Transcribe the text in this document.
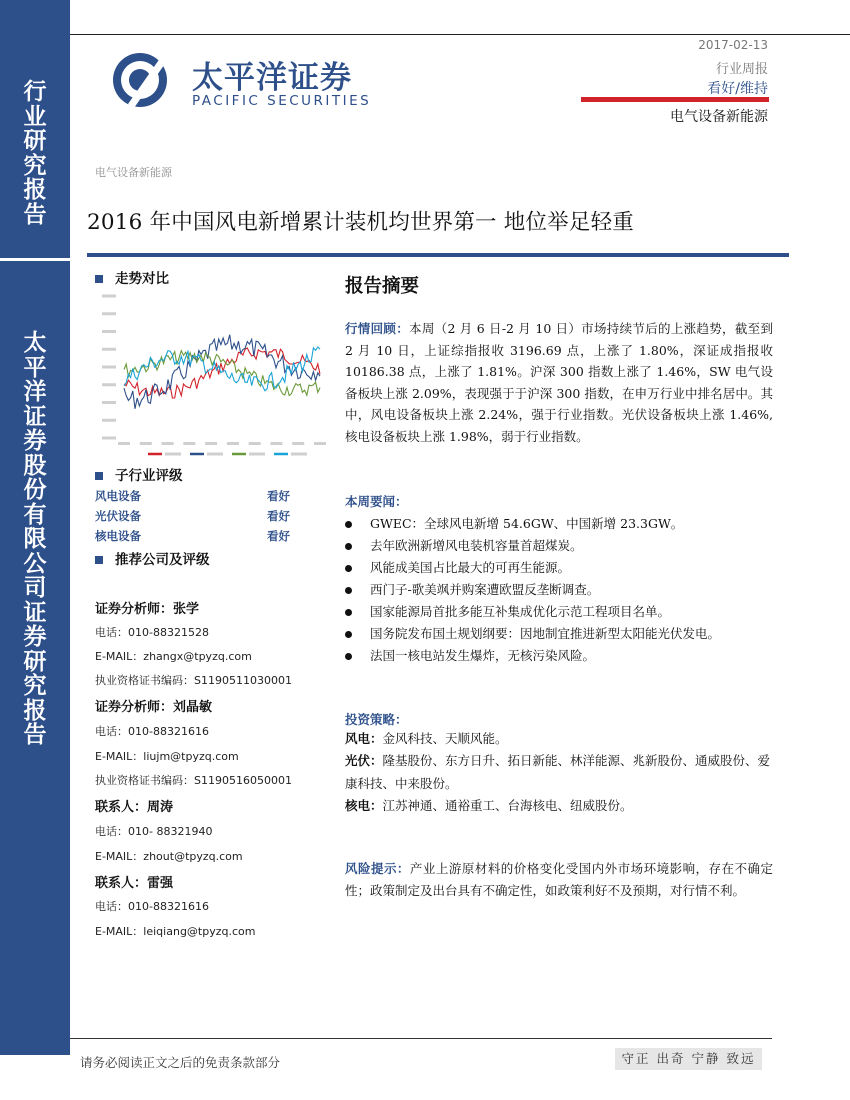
行业研究报告
太平洋证券股份有限公司证券研究报告
太平洋证券
PACIFIC SECURITIES
2017-02-13
行业周报
看好/维持
电气设备新能源
电气设备新能源
2016 年中国风电新增累计装机均世界第一 地位举足轻重
走势对比
子行业评级
风电设备	看好
光伏设备	看好
核电设备	看好
推荐公司及评级
证券分析师：张学
电话：010-88321528
E-MAIL：zhangx@tpyzq.com
执业资格证书编码：S1190511030001
证券分析师：刘晶敏
电话：010-88321616
E-MAIL：liujm@tpyzq.com
执业资格证书编码：S1190516050001
联系人：周涛
电话：010- 88321940
E-MAIL：zhout@tpyzq.com
联系人：雷强
电话：010-88321616
E-MAIL：leiqiang@tpyzq.com
报告摘要
行情回顾：本周（2 月 6 日-2 月 10 日）市场持续节后的上涨趋势，截至到 2 月 10 日，上证综指报收 3196.69 点，上涨了 1.80%，深证成指报收 10186.38 点，上涨了 1.81%。沪深 300 指数上涨了 1.46%，SW 电气设备板块上涨 2.09%，表现强于于沪深 300 指数，在申万行业中排名居中。其中，风电设备板块上涨 2.24%，强于行业指数。光伏设备板块上涨 1.46%,核电设备板块上涨 1.98%，弱于行业指数。
本周要闻：
GWEC：全球风电新增 54.6GW、中国新增 23.3GW。
去年欧洲新增风电装机容量首超煤炭。
风能成美国占比最大的可再生能源。
西门子-歌美飒并购案遭欧盟反垄断调查。
国家能源局首批多能互补集成优化示范工程项目名单。
国务院发布国土规划纲要：因地制宜推进新型太阳能光伏发电。
法国一核电站发生爆炸，无核污染风险。
投资策略：
风电：金风科技、天顺风能。
光伏：隆基股份、东方日升、拓日新能、林洋能源、兆新股份、通威股份、爱康科技、中来股份。
核电：江苏神通、通裕重工、台海核电、纽威股份。
风险提示：产业上游原材料的价格变化受国内外市场环境影响，存在不确定性；政策制定及出台具有不确定性，如政策利好不及预期，对行情不利。
请务必阅读正文之后的免责条款部分	守正 出奇 宁静 致远
